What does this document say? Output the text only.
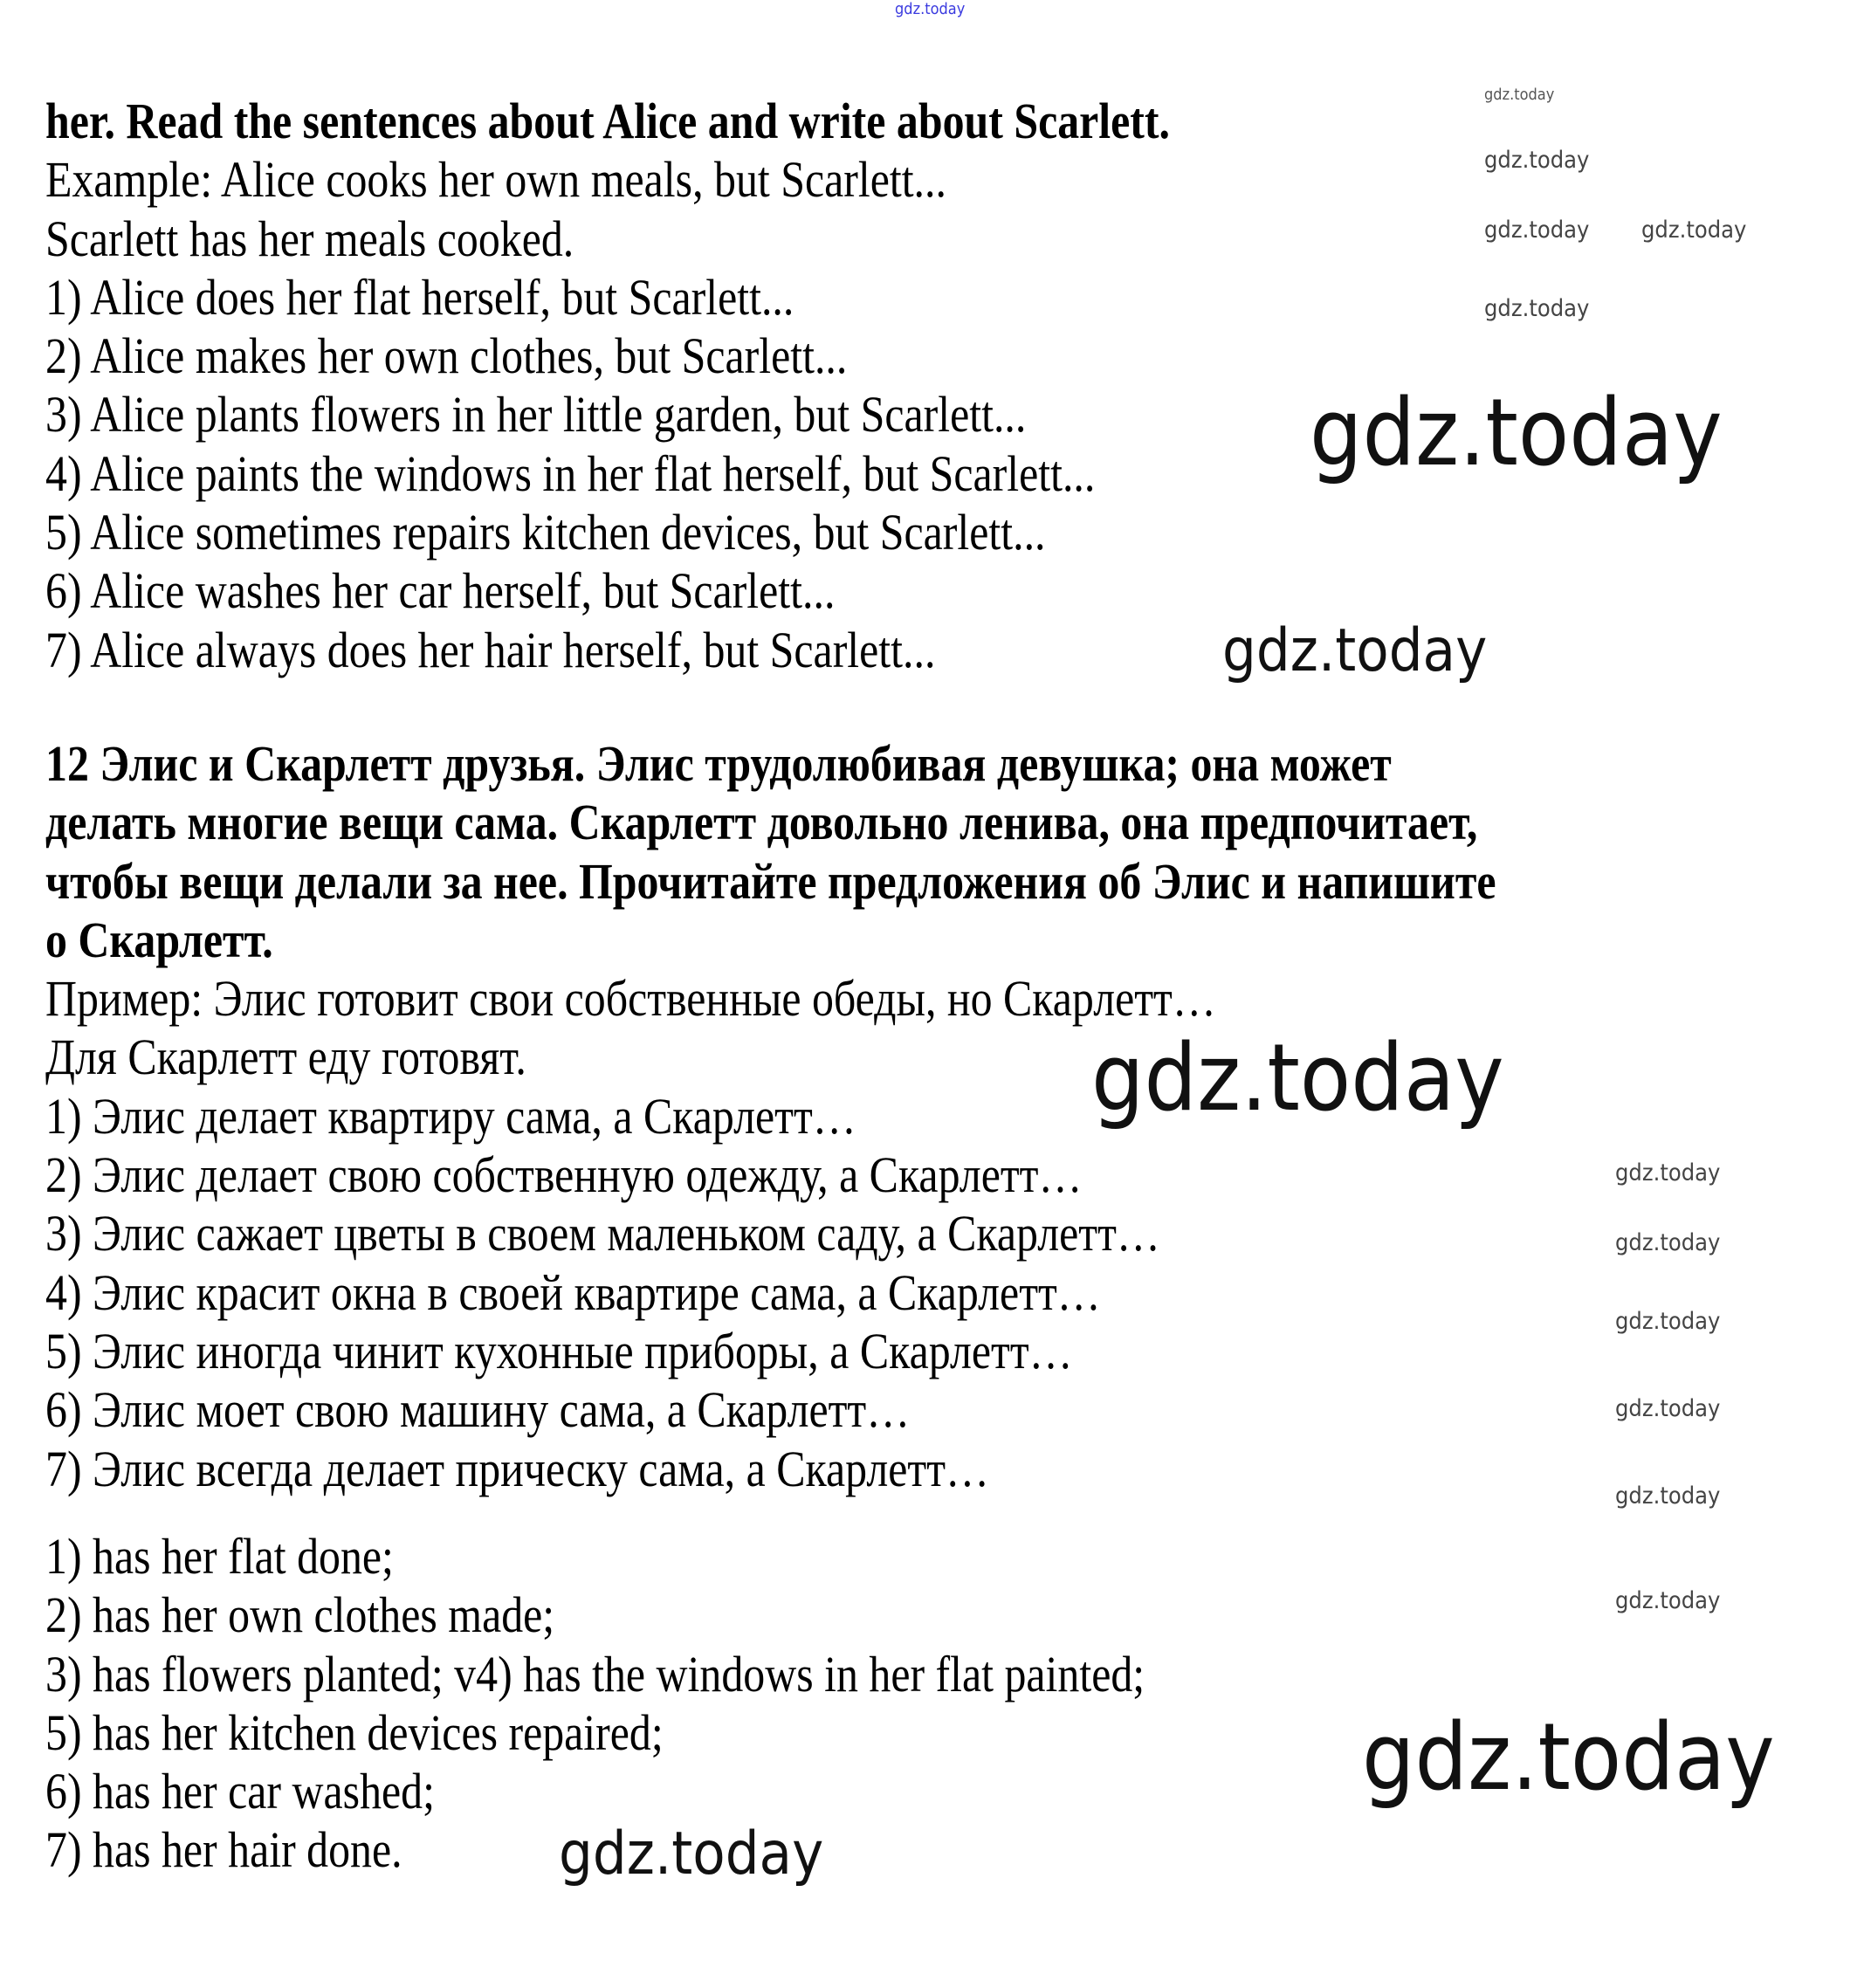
her. Read the sentences about Alice and write about Scarlett.
Example: Alice cooks her own meals, but Scarlett...
Scarlett has her meals cooked.
1) Alice does her flat herself, but Scarlett...
2) Alice makes her own clothes, but Scarlett...
3) Alice plants flowers in her little garden, but Scarlett...
4) Alice paints the windows in her flat herself, but Scarlett...
5) Alice sometimes repairs kitchen devices, but Scarlett...
6) Alice washes her car herself, but Scarlett...
7) Alice always does her hair herself, but Scarlett...
12 Элис и Скарлетт друзья. Элис трудолюбивая девушка; она может
делать многие вещи сама. Скарлетт довольно ленива, она предпочитает,
чтобы вещи делали за нее. Прочитайте предложения об Элис и напишите
о Скарлетт.
Пример: Элис готовит свои собственные обеды, но Скарлетт…
Для Скарлетт еду готовят.
1) Элис делает квартиру сама, а Скарлетт…
2) Элис делает свою собственную одежду, а Скарлетт…
3) Элис сажает цветы в своем маленьком саду, а Скарлетт…
4) Элис красит окна в своей квартире сама, а Скарлетт…
5) Элис иногда чинит кухонные приборы, а Скарлетт…
6) Элис моет свою машину сама, а Скарлетт…
7) Элис всегда делает прическу сама, а Скарлетт…
1) has her flat done;
2) has her own clothes made;
3) has flowers planted; v4) has the windows in her flat painted;
5) has her kitchen devices repaired;
6) has her car washed;
7) has her hair done.
gdz.today
gdz.today
gdz.today
gdz.today gdz.today
gdz.today
gdz.today
gdz.today
gdz.today
gdz.today
gdz.today
gdz.today
gdz.today
gdz.today
gdz.today
gdz.today
gdz.today
